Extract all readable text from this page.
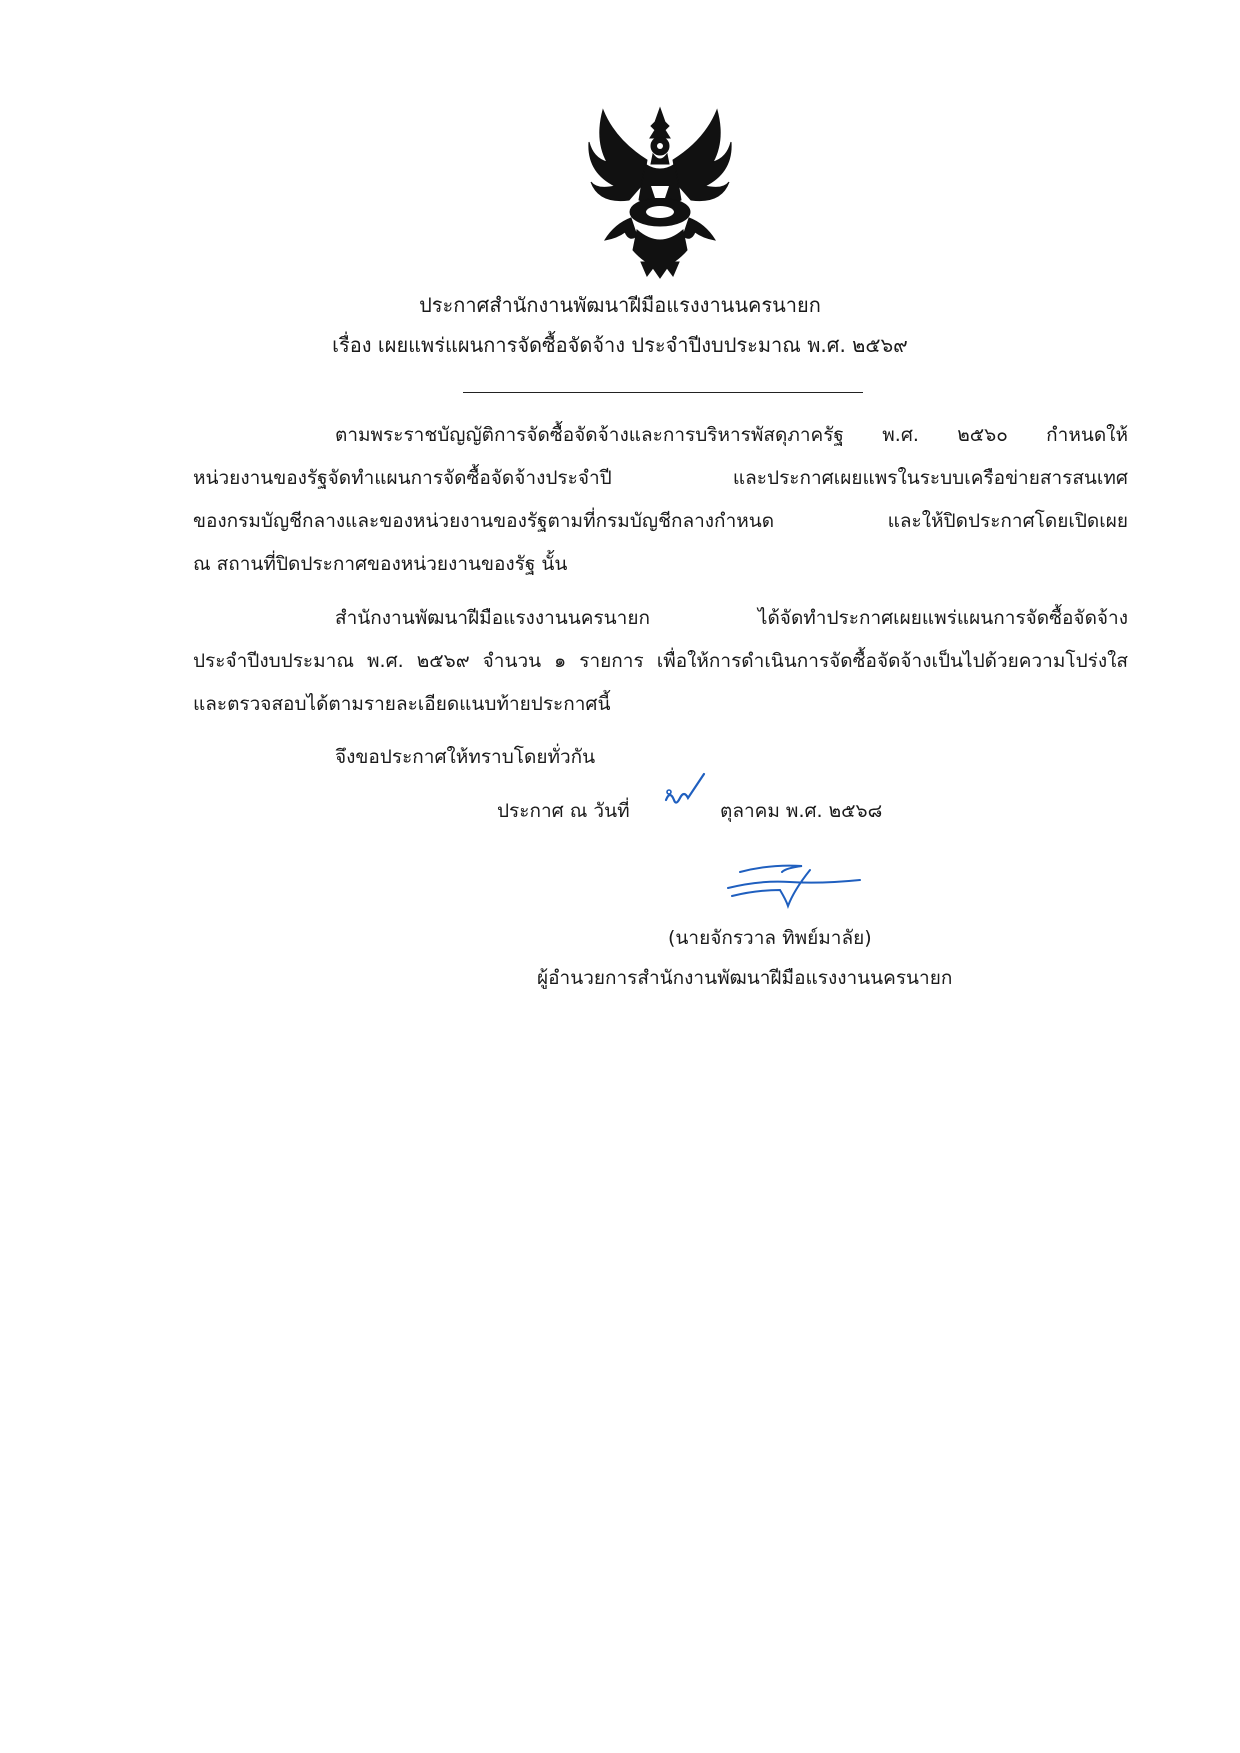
ประกาศสำนักงานพัฒนาฝีมือแรงงานนครนายก
เรื่อง เผยแพร่แผนการจัดซื้อจัดจ้าง ประจำปีงบประมาณ พ.ศ. ๒๕๖๙
ตามพระราชบัญญัติการจัดซื้อจัดจ้างและการบริหารพัสดุภาครัฐ พ.ศ. ๒๕๖๐ กำหนดให้
หน่วยงานของรัฐจัดทำแผนการจัดซื้อจัดจ้างประจำปี และประกาศเผยแพรในระบบเครือข่ายสารสนเทศ
ของกรมบัญชีกลางและของหน่วยงานของรัฐตามที่กรมบัญชีกลางกำหนด และให้ปิดประกาศโดยเปิดเผย
ณ สถานที่ปิดประกาศของหน่วยงานของรัฐ นั้น
สำนักงานพัฒนาฝีมือแรงงานนครนายก ได้จัดทำประกาศเผยแพร่แผนการจัดซื้อจัดจ้าง
ประจำปีงบประมาณ พ.ศ. ๒๕๖๙ จำนวน ๑ รายการ เพื่อให้การดำเนินการจัดซื้อจัดจ้างเป็นไปด้วยความโปร่งใส
และตรวจสอบได้ตามรายละเอียดแนบท้ายประกาศนี้
จึงขอประกาศให้ทราบโดยทั่วกัน
ประกาศ ณ วันที่	ตุลาคม พ.ศ. ๒๕๖๘
(นายจักรวาล ทิพย์มาลัย)
ผู้อำนวยการสำนักงานพัฒนาฝีมือแรงงานนครนายก
